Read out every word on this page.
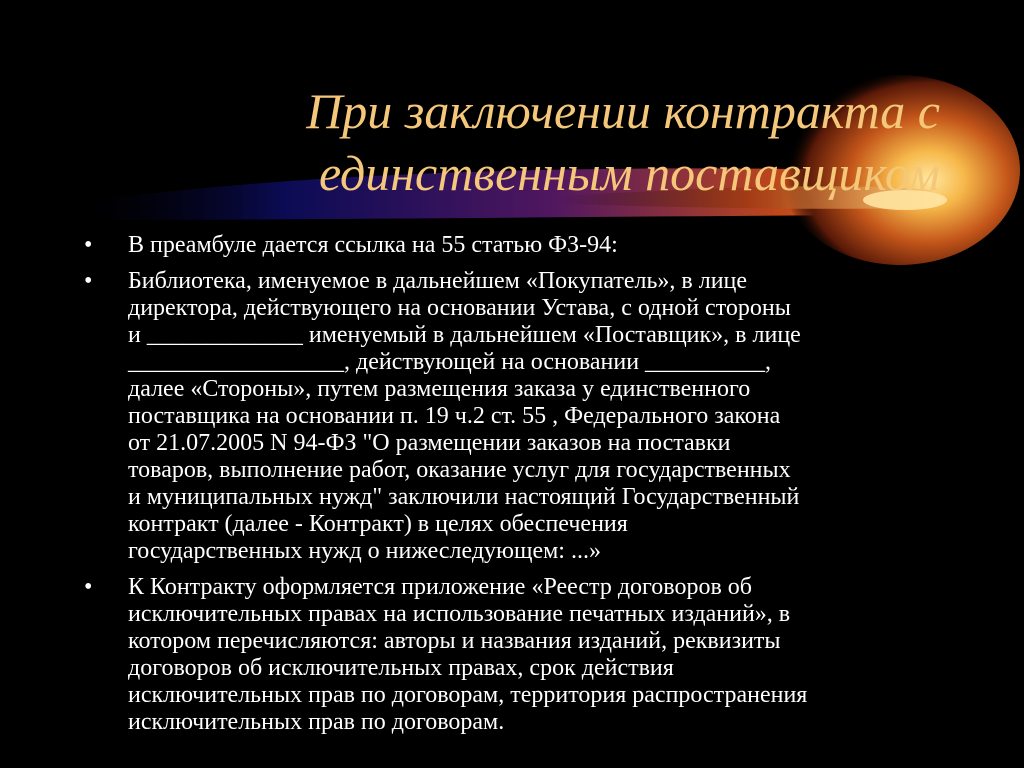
При заключении контракта с
единственным поставщиком
•	В преамбуле дается ссылка на 55 статью ФЗ-94:
•	Библиотека, именуемое в дальнейшем «Покупатель», в лице
директора, действующего на основании Устава, с одной стороны
и _____________ именуемый в дальнейшем «Поставщик», в лице
__________________, действующей на основании __________,
далее «Стороны», путем размещения заказа у единственного
поставщика на основании п. 19 ч.2 ст. 55 , Федерального закона
от 21.07.2005 N 94-ФЗ "О размещении заказов на поставки
товаров, выполнение работ, оказание услуг для государственных
и муниципальных нужд" заключили настоящий Государственный
контракт (далее - Контракт) в целях обеспечения
государственных нужд о нижеследующем: ...»
•	К Контракту оформляется приложение «Реестр договоров об
исключительных правах на использование печатных изданий», в
котором перечисляются: авторы и названия изданий, реквизиты
договоров об исключительных правах, срок действия
исключительных прав по договорам, территория распространения
исключительных прав по договорам.
